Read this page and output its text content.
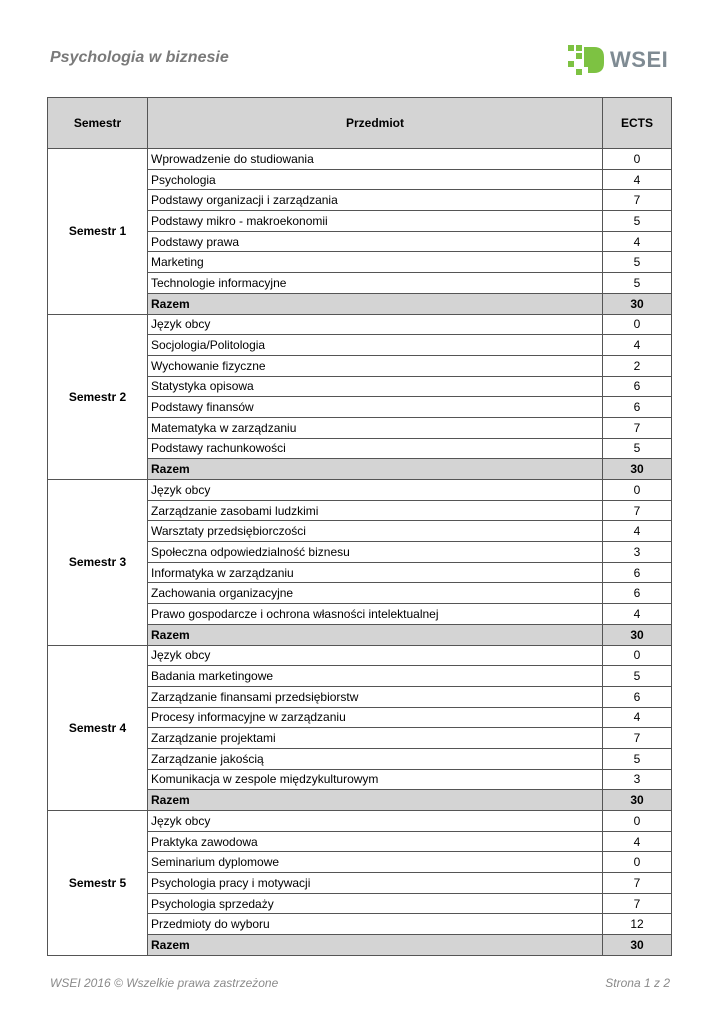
Psychologia w biznesie	WSEI
Semestr	Przedmiot	ECTS
Semestr 1	Wprowadzenie do studiowania	0
	Psychologia	4
	Podstawy organizacji i zarządzania	7
	Podstawy mikro - makroekonomii	5
	Podstawy prawa	4
	Marketing	5
	Technologie informacyjne	5
	Razem	30
Semestr 2	Język obcy	0
	Socjologia/Politologia	4
	Wychowanie fizyczne	2
	Statystyka opisowa	6
	Podstawy finansów	6
	Matematyka w zarządzaniu	7
	Podstawy rachunkowości	5
	Razem	30
Semestr 3	Język obcy	0
	Zarządzanie zasobami ludzkimi	7
	Warsztaty przedsiębiorczości	4
	Społeczna odpowiedzialność biznesu	3
	Informatyka w zarządzaniu	6
	Zachowania organizacyjne	6
	Prawo gospodarcze i ochrona własności intelektualnej	4
	Razem	30
Semestr 4	Język obcy	0
	Badania marketingowe	5
	Zarządzanie finansami przedsiębiorstw	6
	Procesy informacyjne w zarządzaniu	4
	Zarządzanie projektami	7
	Zarządzanie jakością	5
	Komunikacja w zespole międzykulturowym	3
	Razem	30
Semestr 5	Język obcy	0
	Praktyka zawodowa	4
	Seminarium dyplomowe	0
	Psychologia pracy i motywacji	7
	Psychologia sprzedaży	7
	Przedmioty do wyboru	12
	Razem	30
WSEI 2016 © Wszelkie prawa zastrzeżone	Strona 1 z 2
